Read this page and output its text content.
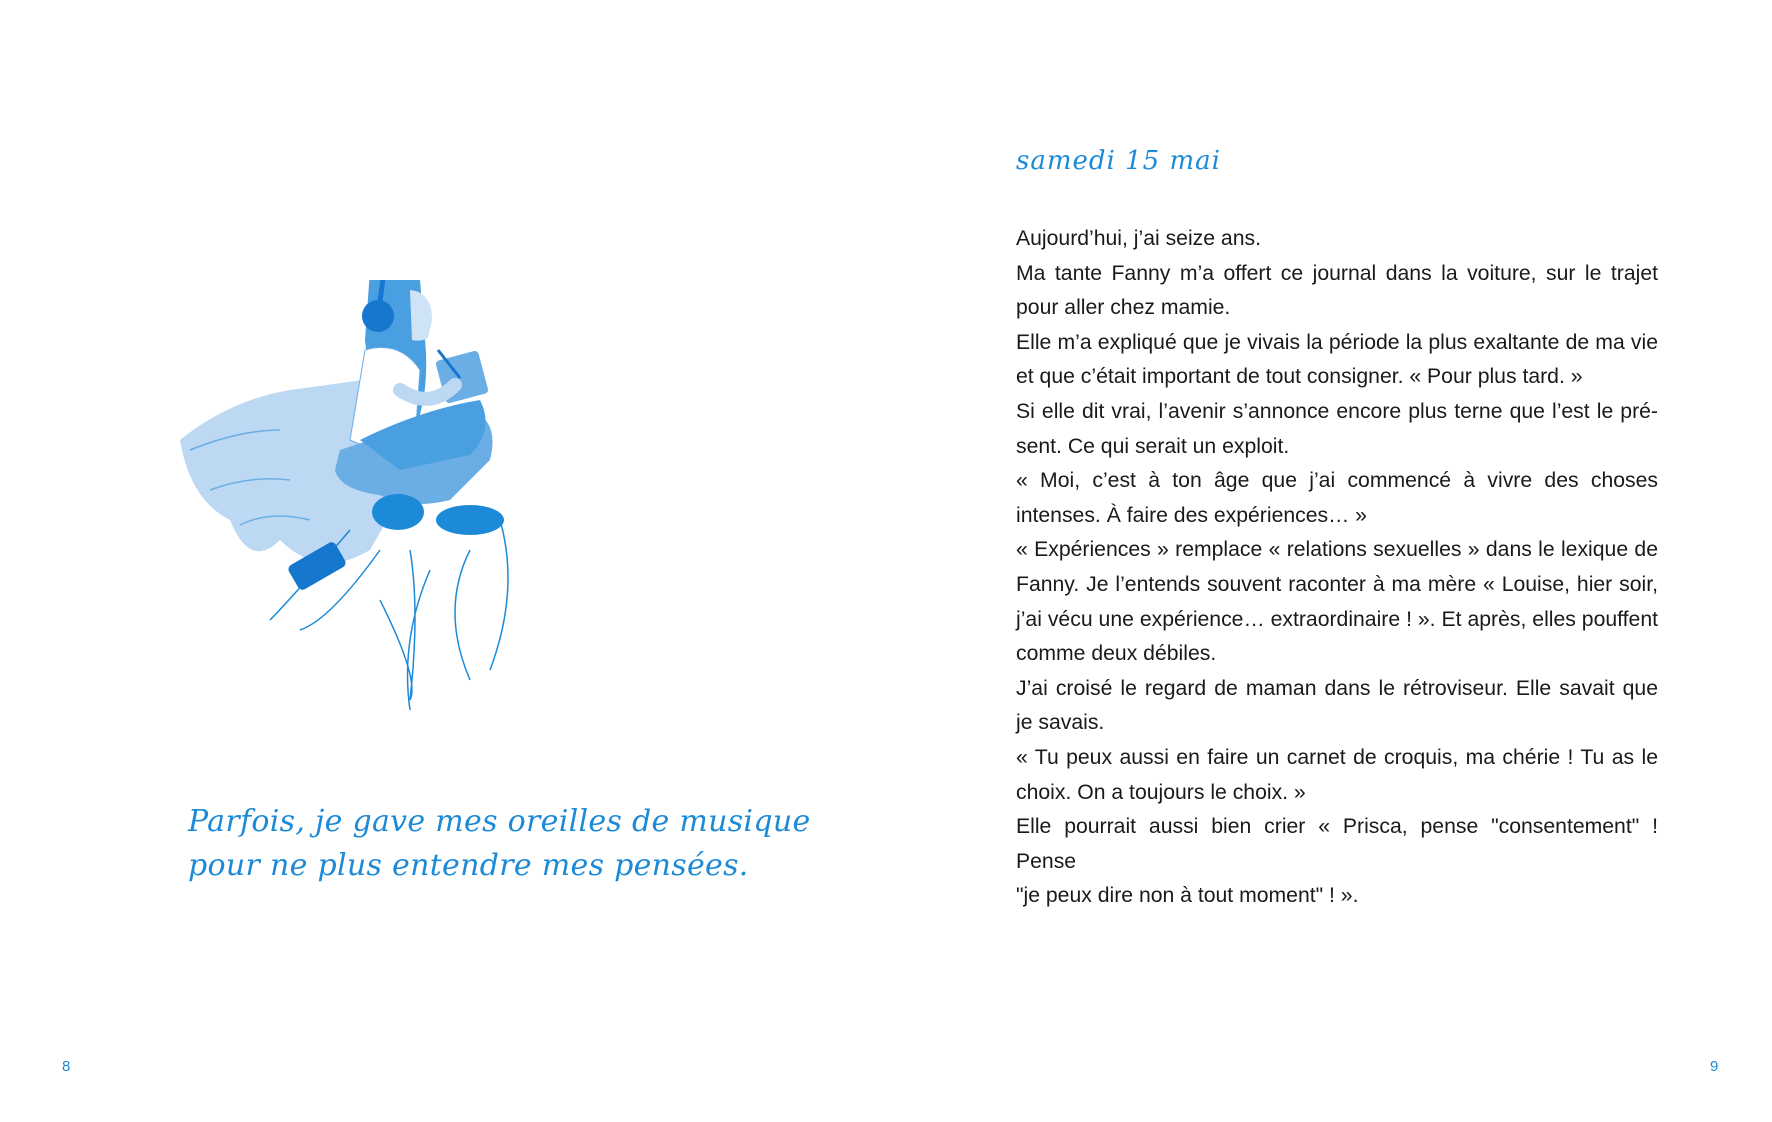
Parfois, je gave mes oreilles de musique
pour ne plus entendre mes pensées.
8
samedi 15 mai
Aujourd’hui, j’ai seize ans.
Ma tante Fanny m’a offert ce journal dans la voiture, sur le trajet
pour aller chez mamie.
Elle m’a expliqué que je vivais la période la plus exaltante de ma vie
et que c’était important de tout consigner. « Pour plus tard. »
Si elle dit vrai, l’avenir s’annonce encore plus terne que l’est le pré-
sent. Ce qui serait un exploit.
« Moi, c’est à ton âge que j’ai commencé à vivre des choses
intenses. À faire des expériences… »
« Expériences » remplace « relations sexuelles » dans le lexique de
Fanny. Je l’entends souvent raconter à ma mère « Louise, hier soir,
j’ai vécu une expérience… extraordinaire ! ». Et après, elles pouffent
comme deux débiles.
J’ai croisé le regard de maman dans le rétroviseur. Elle savait que
je savais.
« Tu peux aussi en faire un carnet de croquis, ma chérie ! Tu as le
choix. On a toujours le choix. »
Elle pourrait aussi bien crier « Prisca, pense "consentement" ! Pense
"je peux dire non à tout moment" ! ».
9
